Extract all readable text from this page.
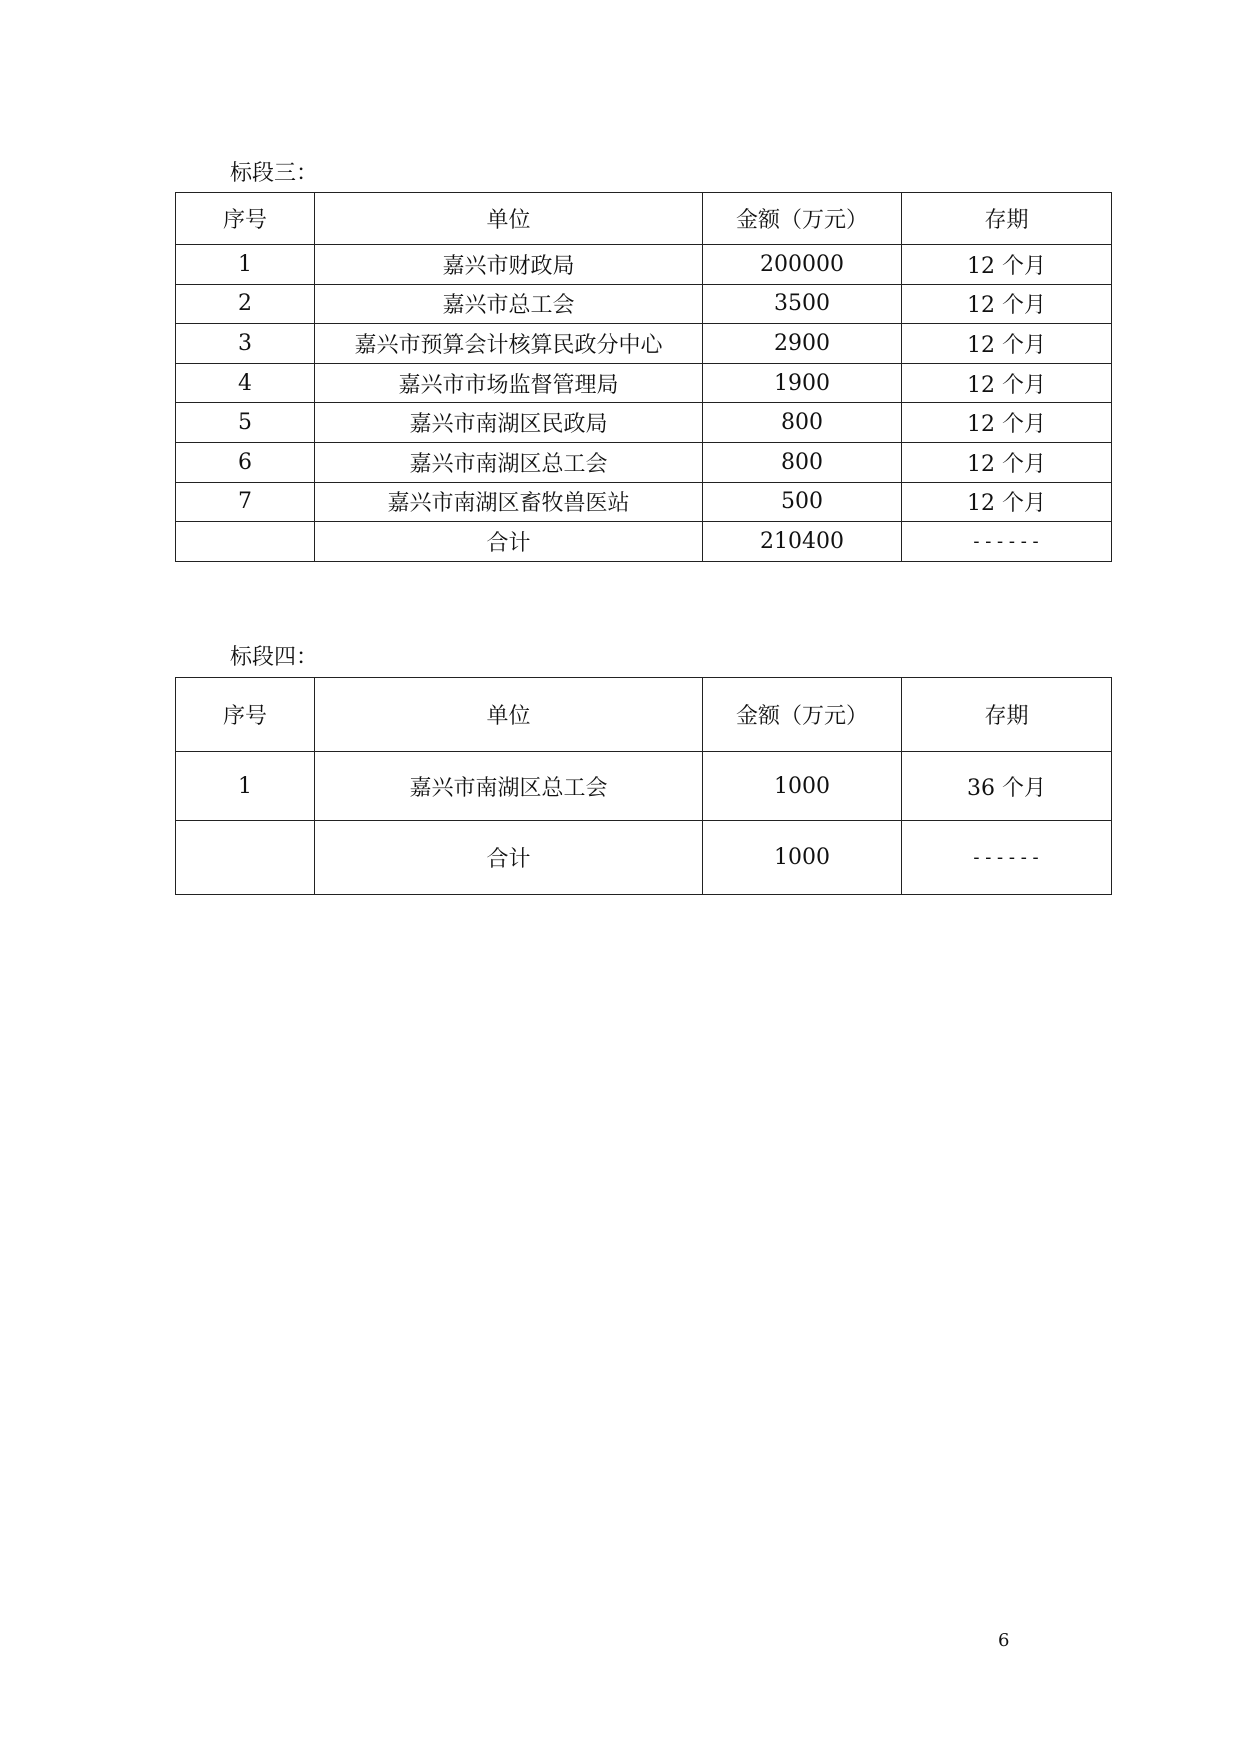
标段三：
序号	单位	金额（万元）	存期
1	嘉兴市财政局	200000	12 个月
2	嘉兴市总工会	3500	12 个月
3	嘉兴市预算会计核算民政分中心	2900	12 个月
4	嘉兴市市场监督管理局	1900	12 个月
5	嘉兴市南湖区民政局	800	12 个月
6	嘉兴市南湖区总工会	800	12 个月
7	嘉兴市南湖区畜牧兽医站	500	12 个月
	合计	210400	------
标段四：
序号	单位	金额（万元）	存期
1	嘉兴市南湖区总工会	1000	36 个月
	合计	1000	------
6
